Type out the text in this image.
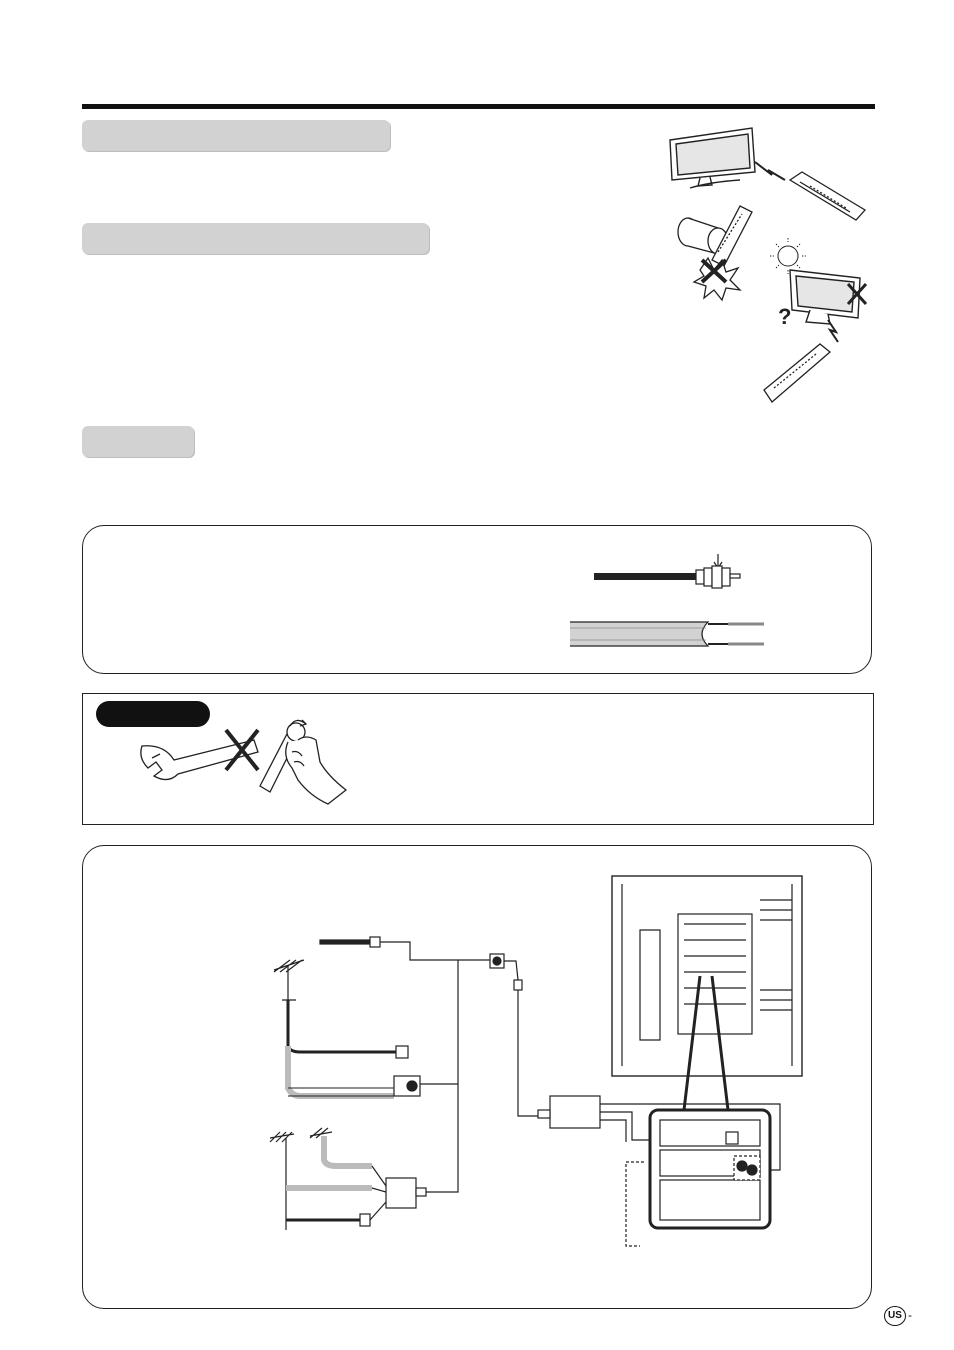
?
US -
